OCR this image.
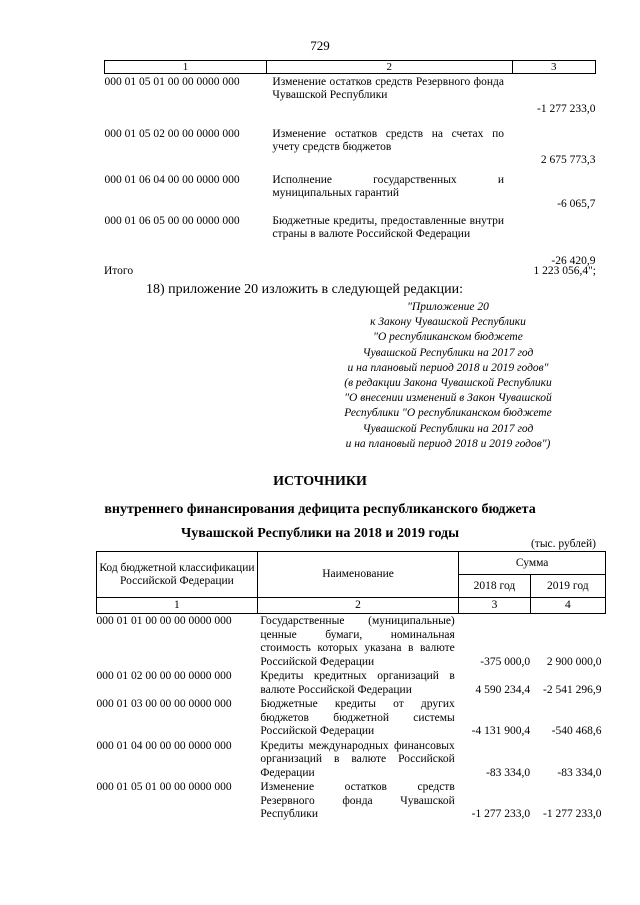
729
1	2	3
000 01 05 01 00 00 0000 000	Изменение остатков средств Резервного фонда Чувашской Республики	-1 277 233,0
000 01 05 02 00 00 0000 000	Изменение остатков средств на счетах по учету средств бюджетов	2 675 773,3
000 01 06 04 00 00 0000 000	Исполнение государственных и муниципальных гарантий	-6 065,7
000 01 06 05 00 00 0000 000	Бюджетные кредиты, предоставленные внутри страны в валюте Российской Федерации	-26 420,9
Итого	1 223 056,4";
18) приложение 20 изложить в следующей редакции:
"Приложение 20
к Закону Чувашской Республики
"О республиканском бюджете
Чувашской Республики на 2017 год
и на плановый период 2018 и 2019 годов"
(в редакции Закона Чувашской Республики
"О внесении изменений в Закон Чувашской
Республики "О республиканском бюджете
Чувашской Республики на 2017 год
и на плановый период 2018 и 2019 годов")
ИСТОЧНИКИ
внутреннего финансирования дефицита республиканского бюджета
Чувашской Республики на 2018 и 2019 годы
(тыс. рублей)
Код бюджетной классификации Российской Федерации	Наименование	Сумма	
		2018 год	2019 год
1	2	3	4
000 01 01 00 00 00 0000 000	Государственные (муниципальные) ценные бумаги, номинальная стоимость которых указана в валюте Российской Федерации	-375 000,0	2 900 000,0
000 01 02 00 00 00 0000 000	Кредиты кредитных организаций в валюте Российской Федерации	4 590 234,4	-2 541 296,9
000 01 03 00 00 00 0000 000	Бюджетные кредиты от других бюджетов бюджетной системы Российской Федерации	-4 131 900,4	-540 468,6
000 01 04 00 00 00 0000 000	Кредиты международных финансовых организаций в валюте Российской Федерации	-83 334,0	-83 334,0
000 01 05 01 00 00 0000 000	Изменение остатков средств Резервного фонда Чувашской Республики	-1 277 233,0	-1 277 233,0
